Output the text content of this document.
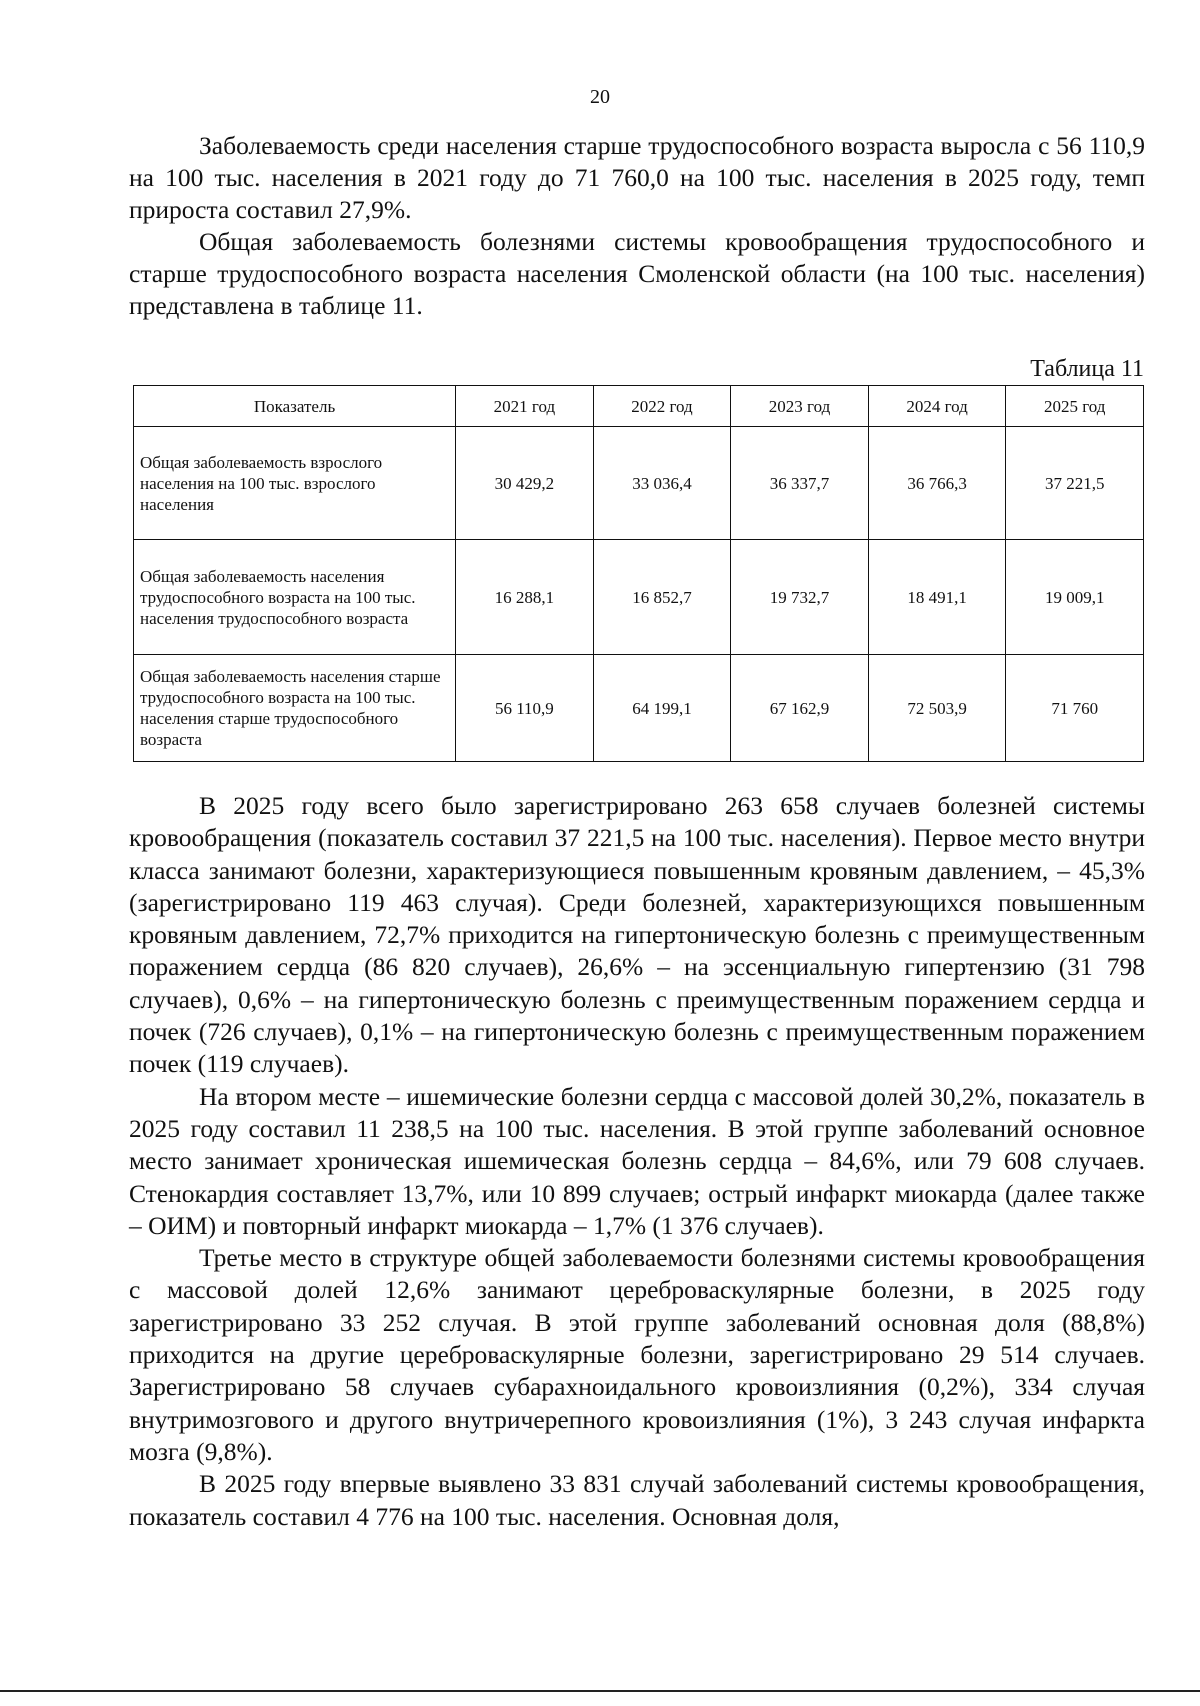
20

Заболеваемость среди населения старше трудоспособного возраста выросла с 56 110,9 на 100 тыс. населения в 2021 году до 71 760,0 на 100 тыс. населения в 2025 году, темп прироста составил 27,9%.

Общая заболеваемость болезнями системы кровообращения трудоспособного и старше трудоспособного возраста населения Смоленской области (на 100 тыс. населения) представлена в таблице 11.

Таблица 11
Показатель	2021 год	2022 год	2023 год	2024 год	2025 год
Общая заболеваемость взрослого населения на 100 тыс. взрослого населения	30 429,2	33 036,4	36 337,7	36 766,3	37 221,5
Общая заболеваемость населения трудоспособного возраста на 100 тыс. населения трудоспособного возраста	16 288,1	16 852,7	19 732,7	18 491,1	19 009,1
Общая заболеваемость населения старше трудоспособного возраста на 100 тыс. населения старше трудоспособного возраста	56 110,9	64 199,1	67 162,9	72 503,9	71 760

В 2025 году всего было зарегистрировано 263 658 случаев болезней системы кровообращения (показатель составил 37 221,5 на 100 тыс. населения). Первое место внутри класса занимают болезни, характеризующиеся повышенным кровяным давлением, – 45,3% (зарегистрировано 119 463 случая). Среди болезней, характеризующихся повышенным кровяным давлением, 72,7% приходится на гипертоническую болезнь с преимущественным поражением сердца (86 820 случаев), 26,6% – на эссенциальную гипертензию (31 798 случаев), 0,6% – на гипертоническую болезнь с преимущественным поражением сердца и почек (726 случаев), 0,1% – на гипертоническую болезнь с преимущественным поражением почек (119 случаев).

На втором месте – ишемические болезни сердца с массовой долей 30,2%, показатель в 2025 году составил 11 238,5 на 100 тыс. населения. В этой группе заболеваний основное место занимает хроническая ишемическая болезнь сердца – 84,6%, или 79 608 случаев. Стенокардия составляет 13,7%, или 10 899 случаев; острый инфаркт миокарда (далее также – ОИМ) и повторный инфаркт миокарда – 1,7% (1 376 случаев).

Третье место в структуре общей заболеваемости болезнями системы кровообращения с массовой долей 12,6% занимают цереброваскулярные болезни, в 2025 году зарегистрировано 33 252 случая. В этой группе заболеваний основная доля (88,8%) приходится на другие цереброваскулярные болезни, зарегистрировано 29 514 случаев. Зарегистрировано 58 случаев субарахноидального кровоизлияния (0,2%), 334 случая внутримозгового и другого внутричерепного кровоизлияния (1%), 3 243 случая инфаркта мозга (9,8%).

В 2025 году впервые выявлено 33 831 случай заболеваний системы кровообращения, показатель составил 4 776 на 100 тыс. населения. Основная доля,
